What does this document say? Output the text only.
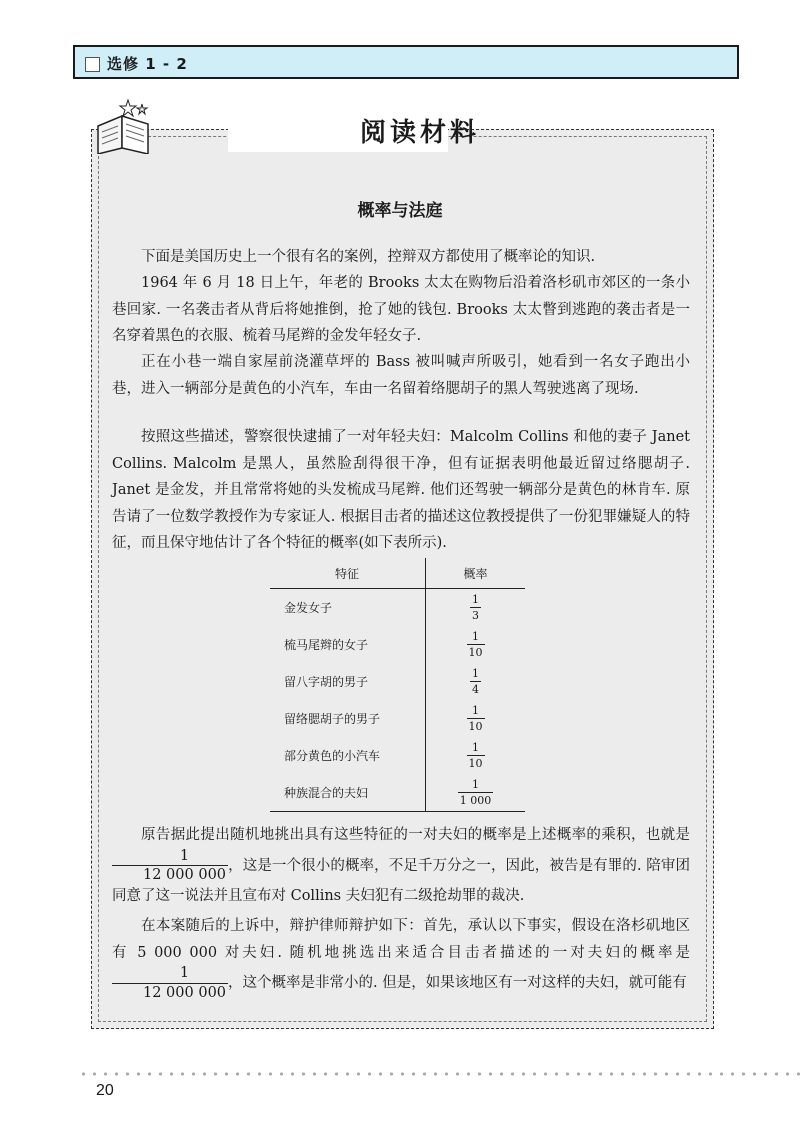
选修 1 - 2
阅读材料
概率与法庭
下面是美国历史上一个很有名的案例，控辩双方都使用了概率论的知识.
1964 年 6 月 18 日上午，年老的 Brooks 太太在购物后沿着洛杉矶市郊区的一条小巷回家. 一名袭击者从背后将她推倒，抢了她的钱包. Brooks 太太瞥到逃跑的袭击者是一名穿着黑色的衣服、梳着马尾辫的金发年轻女子.
正在小巷一端自家屋前浇灌草坪的 Bass 被叫喊声所吸引，她看到一名女子跑出小巷，进入一辆部分是黄色的小汽车，车由一名留着络腮胡子的黑人驾驶逃离了现场.
按照这些描述，警察很快逮捕了一对年轻夫妇：Malcolm Collins 和他的妻子 Janet Collins. Malcolm 是黑人，虽然脸刮得很干净，但有证据表明他最近留过络腮胡子. Janet 是金发，并且常常将她的头发梳成马尾辫. 他们还驾驶一辆部分是黄色的林肯车. 原告请了一位数学教授作为专家证人. 根据目击者的描述这位教授提供了一份犯罪嫌疑人的特征，而且保守地估计了各个特征的概率(如下表所示).
特征	概率
金发女子	$\frac{1}{3}$

梳马尾辫的女子	$\frac{1}{10}$

留八字胡的男子	$\frac{1}{4}$

留络腮胡子的男子	$\frac{1}{10}$

部分黄色的小汽车	$\frac{1}{10}$

种族混合的夫妇	$\frac{1}{1 000}$
原告据此提出随机地挑出具有这些特征的一对夫妇的概率是上述概率的乘积，也就是
$\frac{1}{12 000 000}$ ，这是一个很小的概率，不足千万分之一，因此，被告是有罪的. 陪审团同意了这一说法并且宣布对 Collins 夫妇犯有二级抢劫罪的裁决.
在本案随后的上诉中，辩护律师辩护如下：首先，承认以下事实，假设在洛杉矶地区有 5 000 000 对夫妇. 随机地挑选出来适合目击者描述的一对夫妇的概率是
$\frac{1}{12 000 000}$ ，这个概率是非常小的. 但是，如果该地区有一对这样的夫妇，就可能有
20
